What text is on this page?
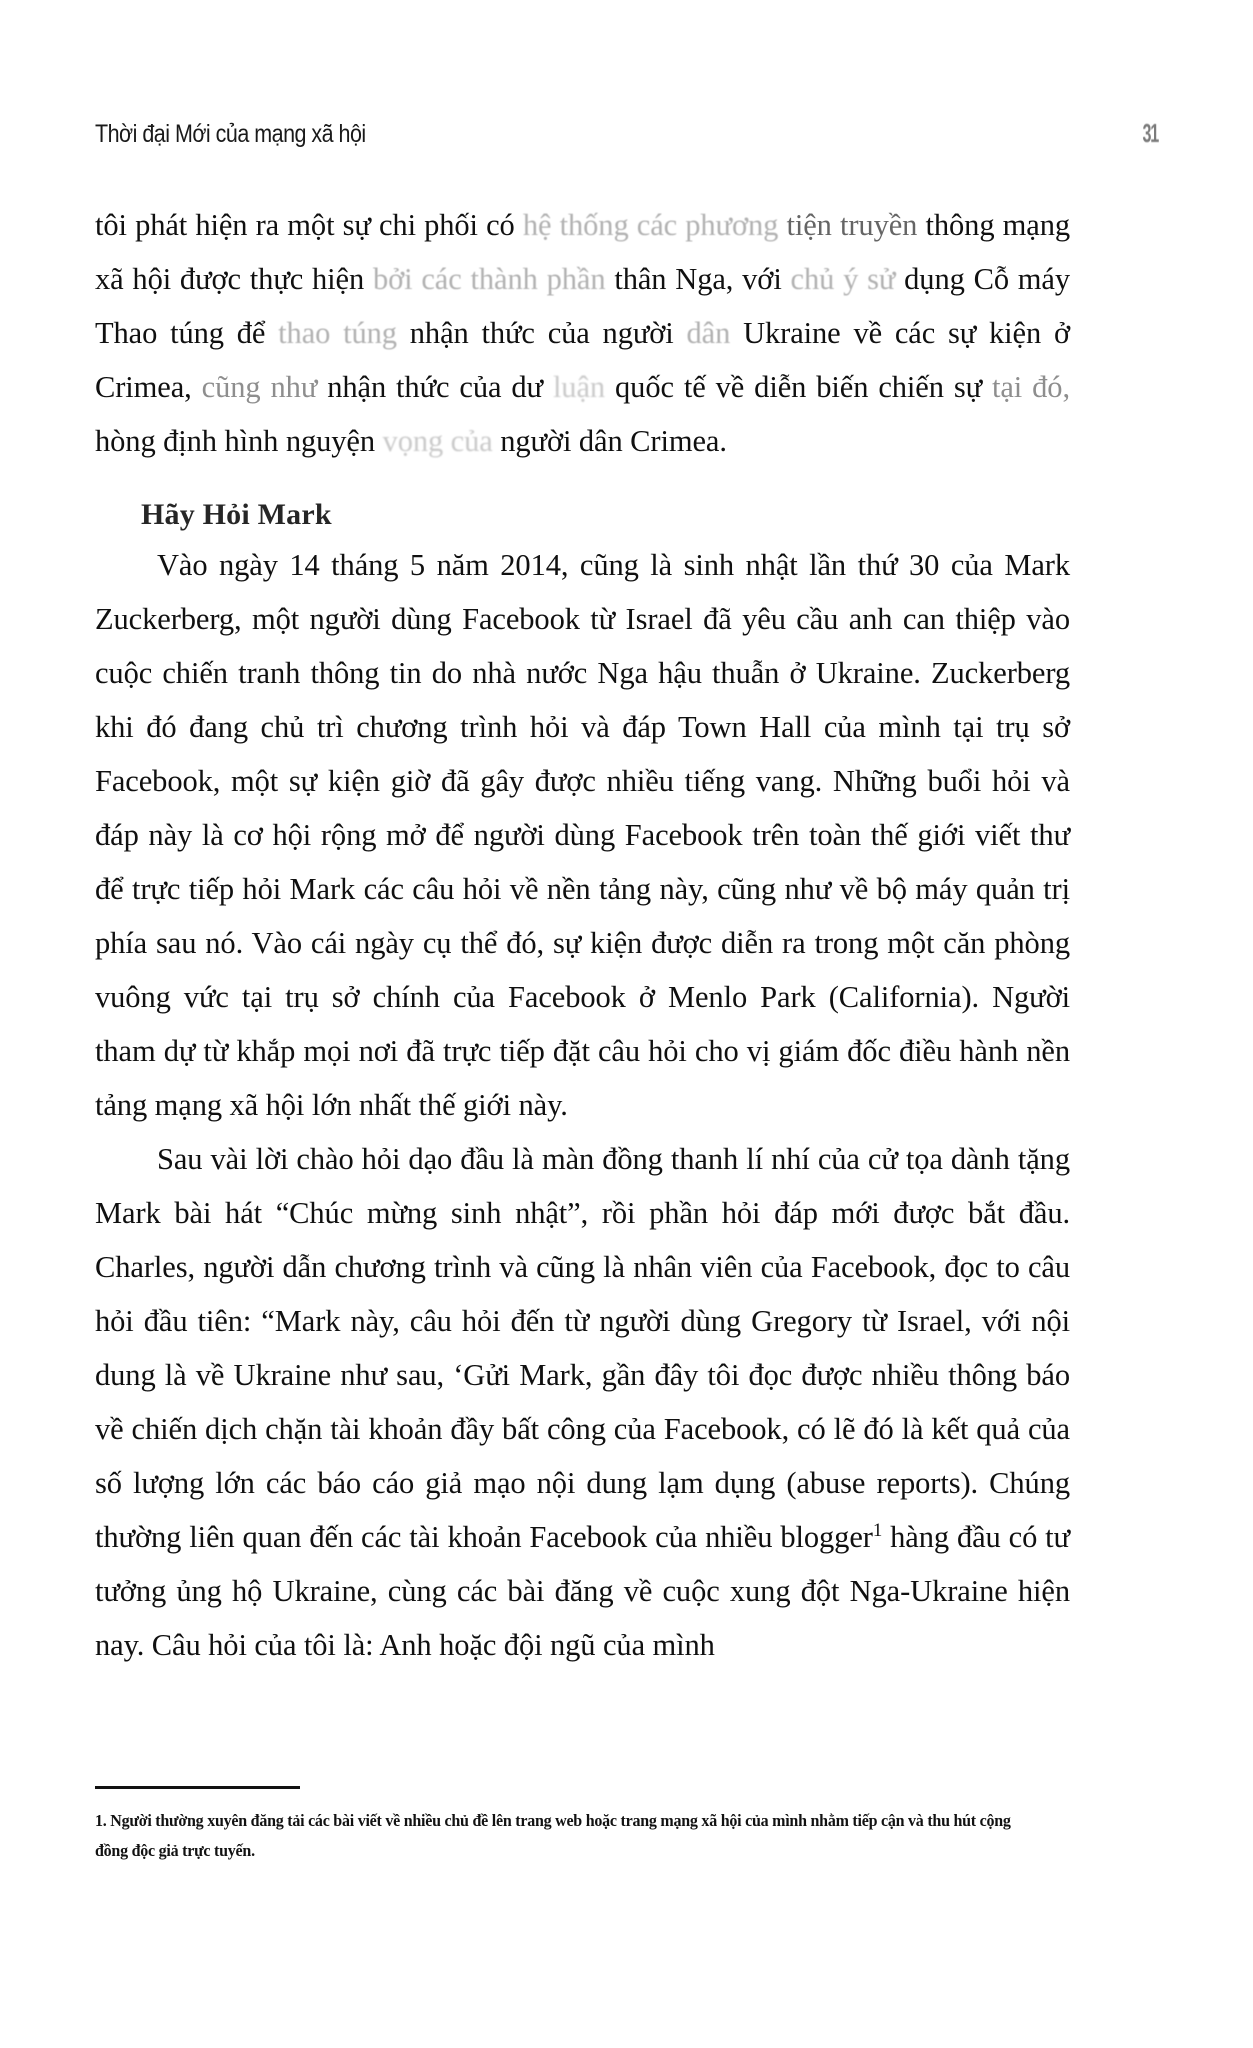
Thời đại Mới của mạng xã hội	31

tôi phát hiện ra một sự chi phối có hệ thống các phương tiện truyền thông mạng xã hội được thực hiện bởi các thành phần thân Nga, với chủ ý sử dụng Cỗ máy Thao túng để thao túng nhận thức của người dân Ukraine về các sự kiện ở Crimea, cũng như nhận thức của dư luận quốc tế về diễn biến chiến sự tại đó, hòng định hình nguyện vọng của người dân Crimea.

Hãy Hỏi Mark

Vào ngày 14 tháng 5 năm 2014, cũng là sinh nhật lần thứ 30 của Mark Zuckerberg, một người dùng Facebook từ Israel đã yêu cầu anh can thiệp vào cuộc chiến tranh thông tin do nhà nước Nga hậu thuẫn ở Ukraine. Zuckerberg khi đó đang chủ trì chương trình hỏi và đáp Town Hall của mình tại trụ sở Facebook, một sự kiện giờ đã gây được nhiều tiếng vang. Những buổi hỏi và đáp này là cơ hội rộng mở để người dùng Facebook trên toàn thế giới viết thư để trực tiếp hỏi Mark các câu hỏi về nền tảng này, cũng như về bộ máy quản trị phía sau nó. Vào cái ngày cụ thể đó, sự kiện được diễn ra trong một căn phòng vuông vức tại trụ sở chính của Facebook ở Menlo Park (California). Người tham dự từ khắp mọi nơi đã trực tiếp đặt câu hỏi cho vị giám đốc điều hành nền tảng mạng xã hội lớn nhất thế giới này.

Sau vài lời chào hỏi dạo đầu là màn đồng thanh lí nhí của cử tọa dành tặng Mark bài hát “Chúc mừng sinh nhật”, rồi phần hỏi đáp mới được bắt đầu. Charles, người dẫn chương trình và cũng là nhân viên của Facebook, đọc to câu hỏi đầu tiên: “Mark này, câu hỏi đến từ người dùng Gregory từ Israel, với nội dung là về Ukraine như sau, ‘Gửi Mark, gần đây tôi đọc được nhiều thông báo về chiến dịch chặn tài khoản đầy bất công của Facebook, có lẽ đó là kết quả của số lượng lớn các báo cáo giả mạo nội dung lạm dụng (abuse reports). Chúng thường liên quan đến các tài khoản Facebook của nhiều blogger$^1$ hàng đầu có tư tưởng ủng hộ Ukraine, cùng các bài đăng về cuộc xung đột Nga-Ukraine hiện nay. Câu hỏi của tôi là: Anh hoặc đội ngũ của mình

1. Người thường xuyên đăng tải các bài viết về nhiều chủ đề lên trang web hoặc trang mạng xã hội của mình nhằm tiếp cận và thu hút cộng đồng độc giả trực tuyến.
